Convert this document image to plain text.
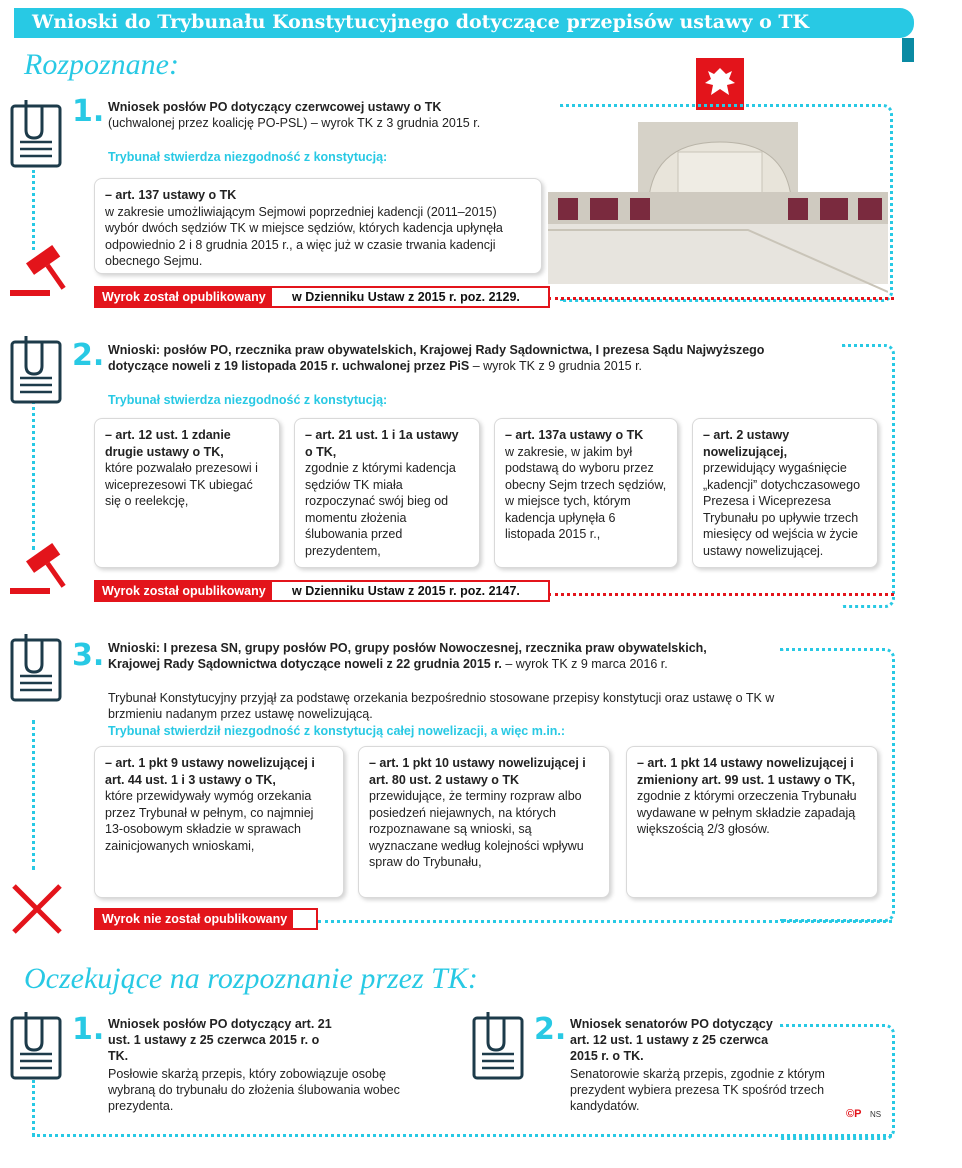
Wnioski do Trybunału Konstytucyjnego dotyczące przepisów ustawy o TK
Rozpoznane:
1. Wniosek posłów PO dotyczący czerwcowej ustawy o TK
(uchwalonej przez koalicję PO-PSL) – wyrok TK z 3 grudnia 2015 r.
Trybunał stwierdza niezgodność z konstytucją:
– art. 137 ustawy o TK
w zakresie umożliwiającym Sejmowi poprzedniej kadencji (2011–2015) wybór dwóch sędziów TK w miejsce sędziów, których kadencja upłynęła odpowiednio 2 i 8 grudnia 2015 r., a więc już w czasie trwania kadencji obecnego Sejmu.
Wyrok został opublikowany	w Dzienniku Ustaw z 2015 r. poz. 2129.
2. Wnioski: posłów PO, rzecznika praw obywatelskich, Krajowej Rady Sądownictwa, I prezesa Sądu Najwyższego
dotyczące noweli z 19 listopada 2015 r. uchwalonej przez PiS – wyrok TK z 9 grudnia 2015 r.
Trybunał stwierdza niezgodność z konstytucją:
– art. 12 ust. 1 zdanie drugie ustawy o TK,
które pozwalało prezesowi i wiceprezesowi TK ubiegać się o reelekcję,
– art. 21 ust. 1 i 1a ustawy o TK,
zgodnie z którymi kadencja sędziów TK miała rozpoczynać swój bieg od momentu złożenia ślubowania przed prezydentem,
– art. 137a ustawy o TK
w zakresie, w jakim był podstawą do wyboru przez obecny Sejm trzech sędziów, w miejsce tych, którym kadencja upłynęła 6 listopada 2015 r.,
– art. 2 ustawy nowelizującej,
przewidujący wygaśnięcie „kadencji” dotychczasowego Prezesa i Wiceprezesa Trybunału po upływie trzech miesięcy od wejścia w życie ustawy nowelizującej.
Wyrok został opublikowany	w Dzienniku Ustaw z 2015 r. poz. 2147.
3. Wnioski: I prezesa SN, grupy posłów PO, grupy posłów Nowoczesnej, rzecznika praw obywatelskich,
Krajowej Rady Sądownictwa dotyczące noweli z 22 grudnia 2015 r. – wyrok TK z 9 marca 2016 r.
Trybunał Konstytucyjny przyjął za podstawę orzekania bezpośrednio stosowane przepisy konstytucji oraz ustawę o TK w brzmieniu nadanym przez ustawę nowelizującą.
Trybunał stwierdził niezgodność z konstytucją całej nowelizacji, a więc m.in.:
– art. 1 pkt 9 ustawy nowelizującej i art. 44 ust. 1 i 3 ustawy o TK,
które przewidywały wymóg orzekania przez Trybunał w pełnym, co najmniej 13-osobowym składzie w sprawach zainicjowanych wnioskami,
– art. 1 pkt 10 ustawy nowelizującej i art. 80 ust. 2 ustawy o TK
przewidujące, że terminy rozpraw albo posiedzeń niejawnych, na których rozpoznawane są wnioski, są wyznaczane według kolejności wpływu spraw do Trybunału,
– art. 1 pkt 14 ustawy nowelizującej i zmieniony art. 99 ust. 1 ustawy o TK,
zgodnie z którymi orzeczenia Trybunału wydawane w pełnym składzie zapadają większością 2/3 głosów.
Wyrok nie został opublikowany
Oczekujące na rozpoznanie przez TK:
1. Wniosek posłów PO dotyczący art. 21 ust. 1 ustawy z 25 czerwca 2015 r. o TK.
Posłowie skarżą przepis, który zobowiązuje osobę wybraną do trybunału do złożenia ślubowania wobec prezydenta.
2. Wniosek senatorów PO dotyczący art. 12 ust. 1 ustawy z 25 czerwca 2015 r. o TK.
Senatorowie skarżą przepis, zgodnie z którym prezydent wybiera prezesa TK spośród trzech kandydatów.
©P NS
